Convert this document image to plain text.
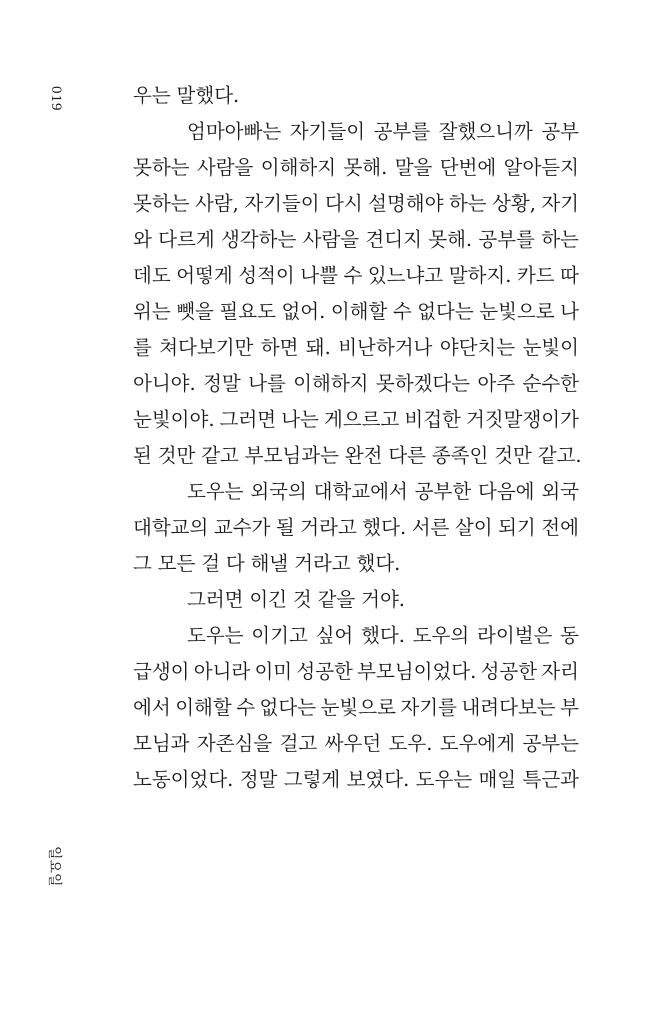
019
일요일
우는 말했다.
엄마아빠는 자기들이 공부를 잘했으니까 공부
못하는 사람을 이해하지 못해. 말을 단번에 알아듣지
못하는 사람, 자기들이 다시 설명해야 하는 상황, 자기
와 다르게 생각하는 사람을 견디지 못해. 공부를 하는
데도 어떻게 성적이 나쁠 수 있느냐고 말하지. 카드 따
위는 뺏을 필요도 없어. 이해할 수 없다는 눈빛으로 나
를 쳐다보기만 하면 돼. 비난하거나 야단치는 눈빛이
아니야. 정말 나를 이해하지 못하겠다는 아주 순수한
눈빛이야. 그러면 나는 게으르고 비겁한 거짓말쟁이가
된 것만 같고 부모님과는 완전 다른 종족인 것만 같고.
도우는 외국의 대학교에서 공부한 다음에 외국
대학교의 교수가 될 거라고 했다. 서른 살이 되기 전에
그 모든 걸 다 해낼 거라고 했다.
그러면 이긴 것 같을 거야.
도우는 이기고 싶어 했다. 도우의 라이벌은 동
급생이 아니라 이미 성공한 부모님이었다. 성공한 자리
에서 이해할 수 없다는 눈빛으로 자기를 내려다보는 부
모님과 자존심을 걸고 싸우던 도우. 도우에게 공부는
노동이었다. 정말 그렇게 보였다. 도우는 매일 특근과
